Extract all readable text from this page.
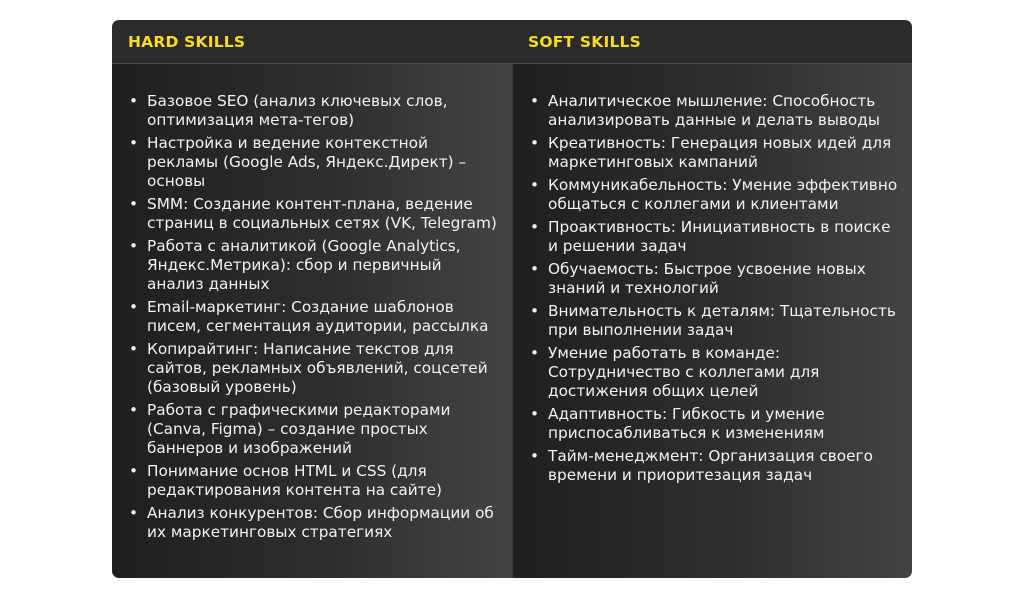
HARD SKILLS	SOFT SKILLS
• Базовое SEO (анализ ключевых слов, оптимизация мета-тегов)
• Настройка и ведение контекстной рекламы (Google Ads, Яндекс.Директ) – основы
• SMM: Создание контент-плана, ведение страниц в социальных сетях (VK, Telegram)
• Работа с аналитикой (Google Analytics, Яндекс.Метрика): сбор и первичный анализ данных
• Email-маркетинг: Создание шаблонов писем, сегментация аудитории, рассылка
• Копирайтинг: Написание текстов для сайтов, рекламных объявлений, соцсетей (базовый уровень)
• Работа с графическими редакторами (Canva, Figma) – создание простых баннеров и изображений
• Понимание основ HTML и CSS (для редактирования контента на сайте)
• Анализ конкурентов: Сбор информации об их маркетинговых стратегиях
• Аналитическое мышление: Способность анализировать данные и делать выводы
• Креативность: Генерация новых идей для маркетинговых кампаний
• Коммуникабельность: Умение эффективно общаться с коллегами и клиентами
• Проактивность: Инициативность в поиске и решении задач
• Обучаемость: Быстрое усвоение новых знаний и технологий
• Внимательность к деталям: Тщательность при выполнении задач
• Умение работать в команде: Сотрудничество с коллегами для достижения общих целей
• Адаптивность: Гибкость и умение приспосабливаться к изменениям
• Тайм-менеджмент: Организация своего времени и приоритезация задач
